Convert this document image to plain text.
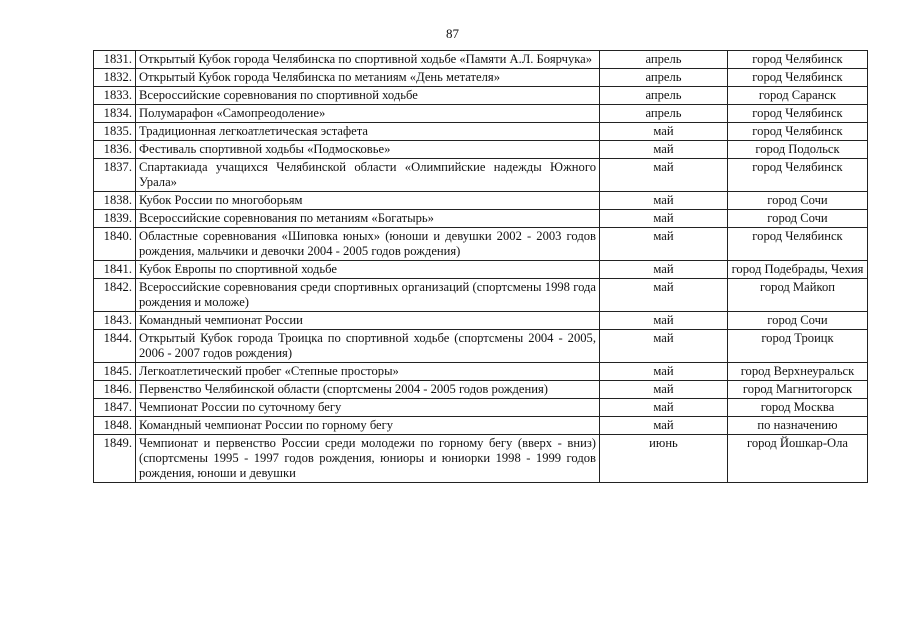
87
1831.	Открытый Кубок города Челябинска по спортивной ходьбе «Памяти А.Л. Боярчука»	апрель	город Челябинск
1832.	Открытый Кубок города Челябинска по метаниям «День метателя»	апрель	город Челябинск
1833.	Всероссийские соревнования по спортивной ходьбе	апрель	город Саранск
1834.	Полумарафон «Самопреодоление»	апрель	город Челябинск
1835.	Традиционная легкоатлетическая эстафета	май	город Челябинск
1836.	Фестиваль спортивной ходьбы «Подмосковье»	май	город Подольск
1837.	Спартакиада учащихся Челябинской области «Олимпийские надежды Южного Урала»	май	город Челябинск
1838.	Кубок России по многоборьям	май	город Сочи
1839.	Всероссийские соревнования по метаниям «Богатырь»	май	город Сочи
1840.	Областные соревнования «Шиповка юных» (юноши и девушки 2002 - 2003 годов рождения, мальчики и девочки 2004 - 2005 годов рождения)	май	город Челябинск
1841.	Кубок Европы по спортивной ходьбе	май	город Подебрады, Чехия
1842.	Всероссийские соревнования среди спортивных организаций (спортсмены 1998 года рождения и моложе)	май	город Майкоп
1843.	Командный чемпионат России	май	город Сочи
1844.	Открытый Кубок города Троицка по спортивной ходьбе (спортсмены 2004 - 2005, 2006 - 2007 годов рождения)	май	город Троицк
1845.	Легкоатлетический пробег «Степные просторы»	май	город Верхнеуральск
1846.	Первенство Челябинской области (спортсмены 2004 - 2005 годов рождения)	май	город Магнитогорск
1847.	Чемпионат России по суточному бегу	май	город Москва
1848.	Командный чемпионат России по горному бегу	май	по назначению
1849.	Чемпионат и первенство России среди молодежи по горному бегу (вверх - вниз) (спортсмены 1995 - 1997 годов рождения, юниоры и юниорки 1998 - 1999 годов рождения, юноши и девушки	июнь	город Йошкар-Ола
